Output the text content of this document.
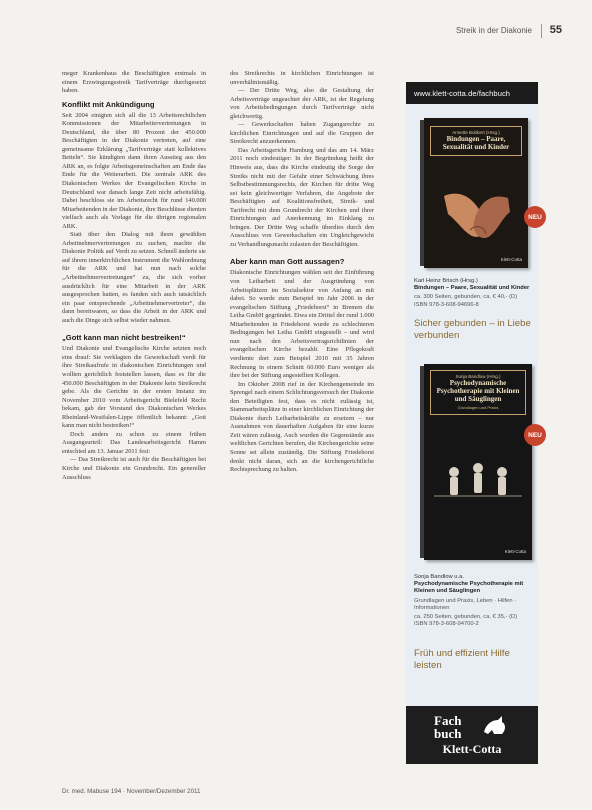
Streik in der Diakonie 55

meger Krankenhaus die Beschäftigten erstmals in einem Erzwingungsstreik Tarifverträge durchgesetzt haben.

Konflikt mit Ankündigung

Seit 2004 einigten sich all die 13 Arbeitsrechtlichen Kommissionen der Mitarbeitervertretungen in Deutschland, die über 80 Prozent der 450.000 Beschäftigten in der Diakonie vertreten, auf eine gemeinsame Erklärung „Tarifverträge statt kollektives Betteln“. Sie kündigten dann ihren Ausstieg aus den ARK an, es folgte Arbeitsgemeinschaften am Ende das Ende für die Weiterarbeit. Die zentrale ARK des Diakonischen Werkes der Evangelischen Kirche in Deutschland war danach lange Zeit nicht arbeitsfähig. Dabei beschloss sie im Arbeitsrecht für rund 140.000 Mitarbeitenden in der Diakonie, ihre Beschlüsse dienten vielfach auch als Vorlage für die übrigen regionalen ARK.

Statt über den Dialog mit ihren gewählten Arbeitnehmervertretungen zu suchen, machte die Diakonie Politik auf Verdi zu setzen. Schnell änderte sie auf ihrem innerkirchlichen Instrument die Wahlordnung für die ARK und hat nun nach solche „Arbeitnehmervertretungen“ zu, die sich vorher ausdrücklich für eine Mitarbeit in der ARK ausgesprochen hatten, es fanden sich auch tatsächlich ein paar entsprechende „Arbeitnehmervertreter“, die dann bereitwaren, so dass die Arbeit in der ARK und auch die Dinge sich selbst wieder nahmen.

„Gott kann man nicht bestreiken!“

Und Diakonie und Evangelische Kirche setzten noch eins drauf: Sie verklagten die Gewerkschaft verdi für ihre Streikaufrufe in diakonischen Einrichtungen und wollten gerichtlich feststellen lassen, dass es für die 450.000 Beschäftigten in der Diakonie kein Streikrecht gebe. Als die Gerichte in der ersten Instanz im November 2010 vom Arbeitsgericht Bielefeld Recht bekam, gab der Vorstand des Diakonischen Werkes Rheinland-Westfalen-Lippe öffentlich bekannt: „Gott kann man nicht bestreiken!“

Doch anders zu schon zu einem frühen Ausgangsurteil: Das Landesarbeitsgericht Hamm entschied am 13. Januar 2011 fest:

— Das Streikrecht ist auch für die Beschäftigten bei Kirche und Diakonie ein Grundrecht. Ein genereller Ausschluss

des Streikrechts in kirchlichen Einrichtungen ist unverhältnismäßig.

— Der Dritte Weg, also die Gestaltung der Arbeitsverträge ungeachtet der ARK, ist der Regelung von Arbeitsbedingungen durch Tarifverträge nicht gleichwertig.

— Gewerkschaften haben Zugangsrechte zu kirchlichen Einrichtungen und auf die Gruppen der Streikrecht anzuerkennen.

Das Arbeitsgericht Hamburg und das am 14. März 2011 noch eindeutiger: In der Begründung heißt der Hinweis aus, dass die Kirche eindeutig die Sorge der Streiks nicht mit der Gefahr einer Schwächung ihres Selbstbestimmungsrechts, der Kirchen für dritte Weg sei kein gleichwertiger Verfahren, die Angebote der Beschäftigten auf Koalitionsfreiheit, Streik- und Tarifrecht mit dem Grundrecht der Kirchen und ihrer Einrichtungen auf Anerkennung im Einklang zu bringen. Der Dritte Weg schaffe überdies durch den Ausschluss von Gewerkschaften ein Ungleichgewicht zu Verhandlungsmacht zulasten der Beschäftigten.

Aber kann man Gott aussagen?

Diakonische Einrichtungen wählen seit der Einführung von Leiharbeit und der Ausgründung von Arbeitsplätzen im Sozialsektor von Anfang an mit dabei. So wurde zum Beispiel im Jahr 2006 in der evangelischen Stiftung „Friedehorst“ in Bremen die Leiha GmbH gegründet. Etwa ein Drittel der rund 1.000 Mitarbeitenden in Friedehorst wurde zu schlechteren Bedingungen bei Leiha GmbH eingestellt – und wird nun nach den Arbeitsvertragsrichtlinien der evangelischen Kirche bezahlt. Eine Pflegekraft verdiente dort zum Beispiel 2010 mit 35 Jahren Rechnung in einem Schnitt 60.000 Euro weniger als ihre bei der Stiftung angestellten Kollegen.

Im Oktober 2008 rief in der Kirchengemeinde im Sprengel nach einem Schlichtungsversuch der Diakonie den Beteiligten fest, dass es nicht zulässig ist, Stammarbeitsplätze in einer kirchlichen Einrichtung der Diakonie durch Leiharbeitskräfte zu ersetzen – nur Ausnahmen von dauerhaften Aufgaben für eine kurze Zeit wären zulässig. Auch wurden die Gegenstände aus weltlichen Gerichten berufen, die Kirchengerichte seine Sonne sei allein zuständig. Die Stiftung Friedehorst denkt nicht daran, sich an die kirchengerichtliche Rechtsprechung zu halten.

www.klett-cotta.de/fachbuch
Annette Bobbert (Hrsg.)
Bindungen – Paare, Sexualität und Kinder
Klett-Cotta
NEU
Karl Heinz Brisch (Hrsg.)
Bindungen – Paare, Sexualität und Kinder
ca. 300 Seiten, gebunden, ca. € 40,- (D) ISBN 978-3-608-94696-8
Sicher gebunden – in Liebe verbunden
Sonja Bandlow (Hrsg.)
Psychodynamische Psychotherapie mit Kleinen und Säuglingen
Grundlagen und Praxis
Klett-Cotta
NEU
Sonja Bandlow u.a.
Psychodynamische Psychotherapie mit Kleinen und Säuglingen
Grundlagen und Praxis, Leben · Hilfen · Informationen
ca. 250 Seiten, gebunden, ca. € 35,- (D) ISBN 978-3-608-94700-2
Früh und effizient Hilfe leisten
Fach
buch
Klett-Cotta
Dr. med. Mabuse 194 · November/Dezember 2011
